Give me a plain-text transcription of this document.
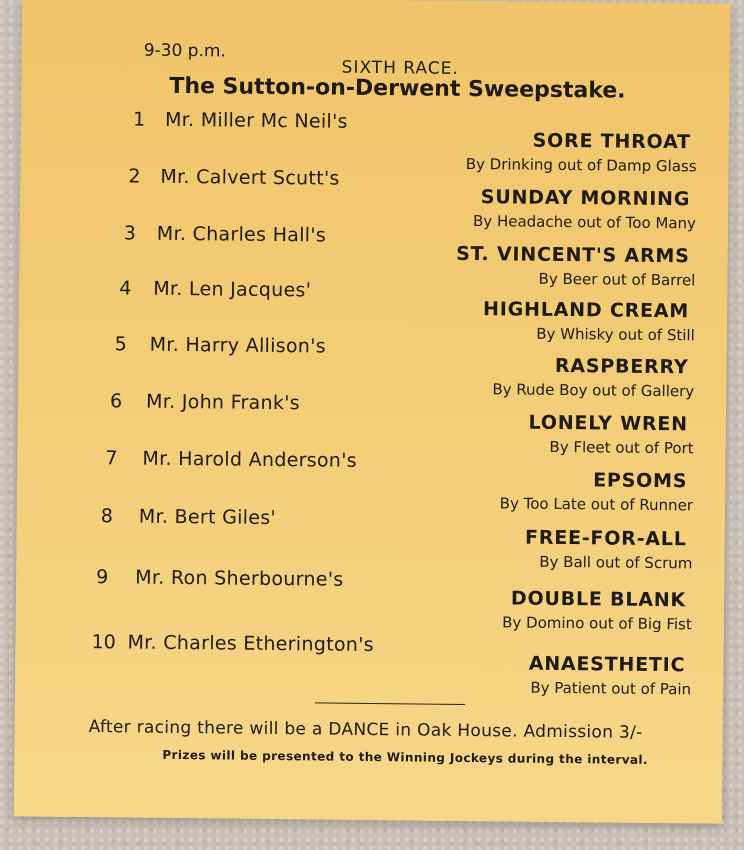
9-30 p.m.
SIXTH RACE.
The Sutton-on-Derwent Sweepstake.
1 Mr. Miller Mc Neil's
SORE THROAT
By Drinking out of Damp Glass
2 Mr. Calvert Scutt's
SUNDAY MORNING
By Headache out of Too Many
3 Mr. Charles Hall's
ST. VINCENT'S ARMS
By Beer out of Barrel
4 Mr. Len Jacques'
HIGHLAND CREAM
By Whisky out of Still
5 Mr. Harry Allison's
RASPBERRY
By Rude Boy out of Gallery
6 Mr. John Frank's
LONELY WREN
By Fleet out of Port
7 Mr. Harold Anderson's
EPSOMS
By Too Late out of Runner
8 Mr. Bert Giles'
FREE-FOR-ALL
By Ball out of Scrum
9 Mr. Ron Sherbourne's
DOUBLE BLANK
By Domino out of Big Fist
10 Mr. Charles Etherington's
ANAESTHETIC
By Patient out of Pain
After racing there will be a DANCE in Oak House. Admission 3/-
Prizes will be presented to the Winning Jockeys during the interval.
